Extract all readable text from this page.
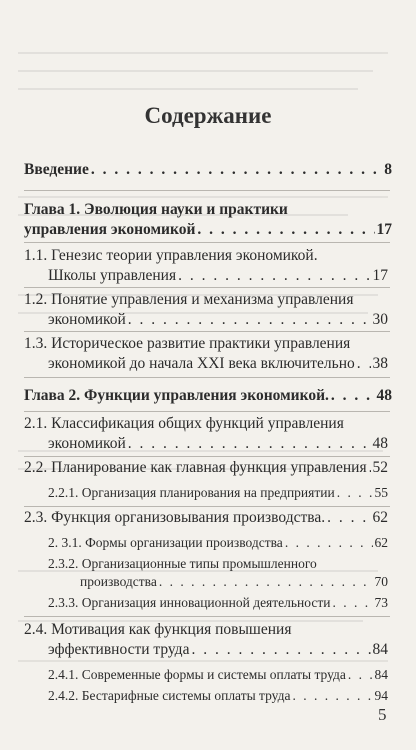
Содержание
Введение . . .	8
Глава 1. Эволюция науки и практики
управления экономикой . . .	17
1.1. Генезис теории управления экономикой.
Школы управления . . .	17
1.2. Понятие управления и механизма управления
экономикой . . .	30
1.3. Историческое развитие практики управления
экономикой до начала XXI века включительно . . . 38
Глава 2. Функции управления экономикой. . . .	48
2.1. Классификация общих функций управления
экономикой . . .	48
2.2. Планирование как главная функция управления . . . 52
2.2.1. Организация планирования на предприятии . . .	55
2.3. Функция организовывания производства. . . .	62
2. 3.1. Формы организации производства . . .	62
2.3.2. Организационные типы промышленного
производства . . .	70
2.3.3. Организация инновационной деятельности . . .	73
2.4. Мотивация как функция повышения
эффективности труда . . .	84
2.4.1. Современные формы и системы оплаты труда . . . 84
2.4.2. Бестарифные системы оплаты труда . . .	94
5
